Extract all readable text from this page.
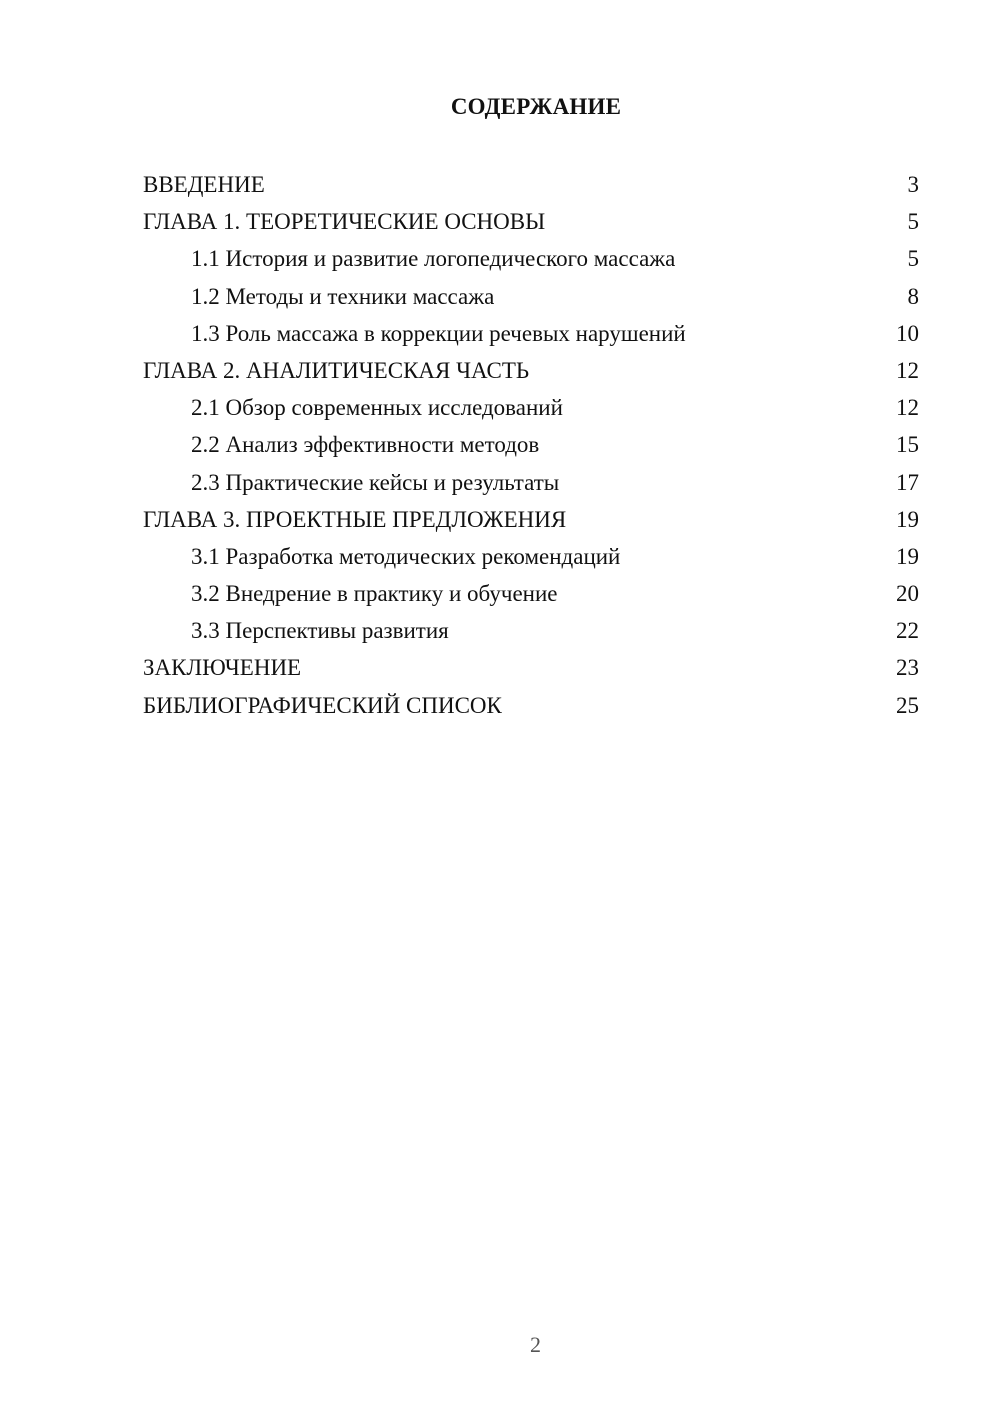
СОДЕРЖАНИЕ
ВВЕДЕНИЕ	3
ГЛАВА 1. ТЕОРЕТИЧЕСКИЕ ОСНОВЫ	5
1.1 История и развитие логопедического массажа	5
1.2 Методы и техники массажа	8
1.3 Роль массажа в коррекции речевых нарушений	10
ГЛАВА 2. АНАЛИТИЧЕСКАЯ ЧАСТЬ	12
2.1 Обзор современных исследований	12
2.2 Анализ эффективности методов	15
2.3 Практические кейсы и результаты	17
ГЛАВА 3. ПРОЕКТНЫЕ ПРЕДЛОЖЕНИЯ	19
3.1 Разработка методических рекомендаций	19
3.2 Внедрение в практику и обучение	20
3.3 Перспективы развития	22
ЗАКЛЮЧЕНИЕ	23
БИБЛИОГРАФИЧЕСКИЙ СПИСОК	25
2
